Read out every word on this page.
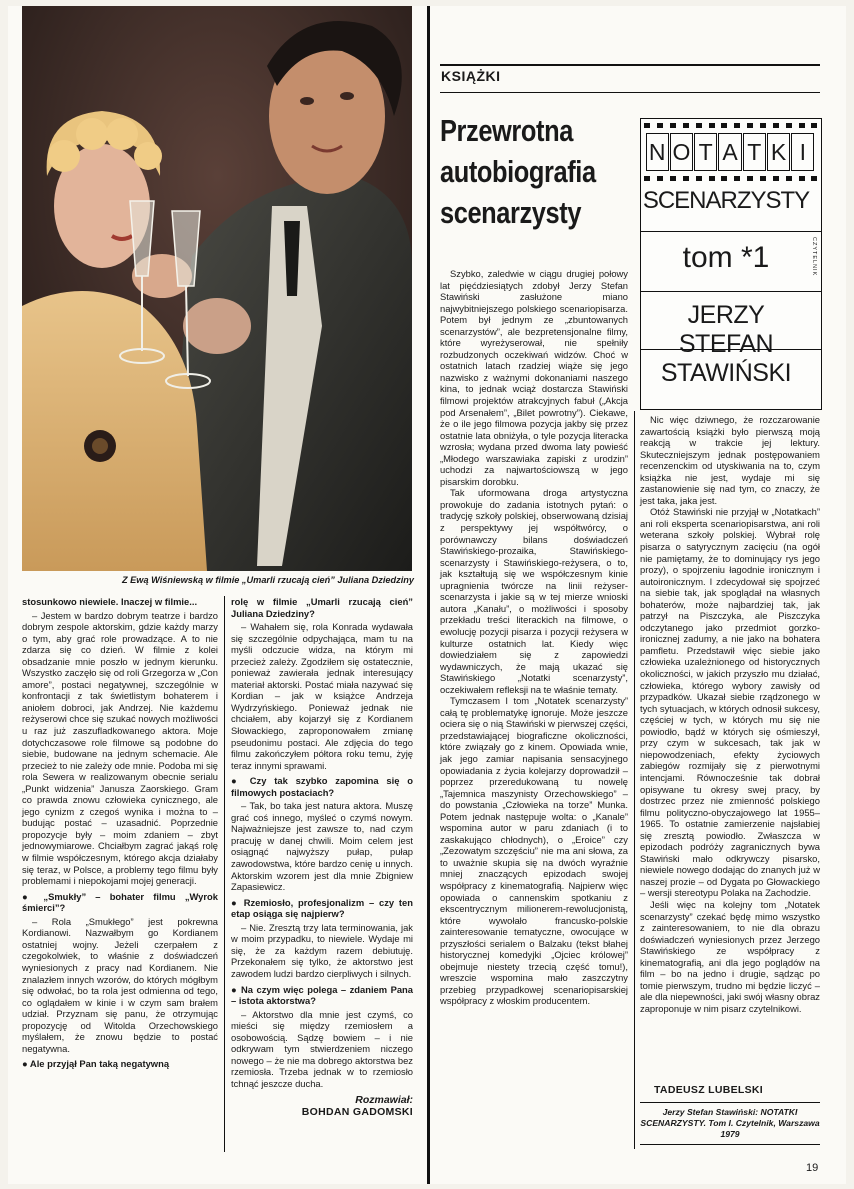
Z Ewą Wiśniewską w filmie „Umarli rzucają cień” Juliana Dziedziny

stosunkowo niewiele. Inaczej w filmie...

– Jestem w bardzo dobrym teatrze i bardzo dobrym zespole aktorskim, gdzie każdy marzy o tym, aby grać role prowadzące. A to nie zdarza się co dzień. W filmie z kolei obsadzanie mnie poszło w jednym kierunku. Wszystko zaczęło się od roli Grzegorza w „Con amore”, postaci negatywnej, szczególnie w konfrontacji z tak świetlistym bohaterem i aniołem dobroci, jak Andrzej. Nie każdemu reżyserowi chce się szukać nowych możliwości u raz już zaszufladkowanego aktora. Moje dotychczasowe role filmowe są podobne do siebie, budowane na jednym schemacie. Ale przecież to nie zależy ode mnie. Podoba mi się rola Sewera w realizowanym obecnie serialu „Punkt widzenia” Janusza Zaorskiego. Gram co prawda znowu człowieka cynicznego, ale jego cynizm z czegoś wynika i można to – budując postać – uzasadnić. Poprzednie propozycje były – moim zdaniem – zbyt jednowymiarowe. Chciałbym zagrać jakąś rolę w filmie współczesnym, którego akcja działaby się teraz, w Polsce, a problemy tego filmu były problemami i niepokojami mojej generacji.

● „Smukły” – bohater filmu „Wyrok śmierci”?

– Rola „Smukłego” jest pokrewna Kordianowi. Nazwałbym go Kordianem ostatniej wojny. Jeżeli czerpałem z czegokolwiek, to właśnie z doświadczeń wyniesionych z pracy nad Kordianem. Nie znalazłem innych wzorów, do których mógłbym się odwołać, bo ta rola jest odmienna od tego, co oglądałem w kinie i w czym sam brałem udział. Przyznam się panu, że otrzymując propozycję od Witolda Orzechowskiego myślałem, że znowu będzie to postać negatywna.

● Ale przyjął Pan taką negatywną

rolę w filmie „Umarli rzucają cień” Juliana Dziedziny?

– Wahałem się, rola Konrada wydawała się szczególnie odpychająca, mam tu na myśli odczucie widza, na którym mi przecież zależy. Zgodziłem się ostatecznie, ponieważ zawierała jednak interesujący materiał aktorski. Postać miała nazywać się Kordian – jak w książce Andrzeja Wydrzyńskiego. Ponieważ jednak nie chciałem, aby kojarzył się z Kordianem Słowackiego, zaproponowałem zmianę pseudonimu postaci. Ale zdjęcia do tego filmu zakończyłem półtora roku temu, żyję teraz innymi sprawami.

● Czy tak szybko zapomina się o filmowych postaciach?

– Tak, bo taka jest natura aktora. Muszę grać coś innego, myśleć o czymś nowym. Najważniejsze jest zawsze to, nad czym pracuję w danej chwili. Moim celem jest osiągnąć najwyższy pułap, pułap zawodowstwa, które bardzo cenię u innych. Aktorskim wzorem jest dla mnie Zbigniew Zapasiewicz.

● Rzemiosło, profesjonalizm – czy ten etap osiąga się najpierw?

– Nie. Zresztą trzy lata terminowania, jak w moim przypadku, to niewiele. Wydaje mi się, że za każdym razem debiutuję. Przekonałem się tylko, że aktorstwo jest zawodem ludzi bardzo cierpliwych i silnych.

● Na czym więc polega – zdaniem Pana – istota aktorstwa?

– Aktorstwo dla mnie jest czymś, co mieści się między rzemiosłem a osobowością. Sądzę bowiem – i nie odkrywam tym stwierdzeniem niczego nowego – że nie ma dobrego aktorstwa bez rzemiosła. Trzeba jednak w to rzemiosło tchnąć jeszcze ducha.

Rozmawiał:
BOHDAN GADOMSKI
KSIĄŻKI
Przewrotna autobiografia scenarzysty
N O T A T K I
SCENARZYSTY
tom *1	CZYTELNIK
JERZY STEFAN
STAWIŃSKI

Szybko, zaledwie w ciągu drugiej połowy lat pięćdziesiątych zdobył Jerzy Stefan Stawiński zasłużone miano najwybitniejszego polskiego scenariopisarza. Potem był jednym ze „zbuntowanych scenarzystów”, ale bezpretensjonalne filmy, które wyreżyserował, nie spełniły rozbudzonych oczekiwań widzów. Choć w ostatnich latach rzadziej wiąże się jego nazwisko z ważnymi dokonaniami naszego kina, to jednak wciąż dostarcza Stawiński filmowi projektów atrakcyjnych fabuł („Akcja pod Arsenałem”, „Bilet powrotny”). Ciekawe, że o ile jego filmowa pozycja jakby się przez ostatnie lata obniżyła, o tyle pozycja literacka wzrosła; wydana przed dwoma laty powieść „Młodego warszawiaka zapiski z urodzin” uchodzi za najwartościowszą w jego pisarskim dorobku.

Tak uformowana droga artystyczna prowokuje do zadania istotnych pytań: o tradycję szkoły polskiej, obserwowaną dzisiaj z perspektywy jej współtwórcy, o porównawczy bilans doświadczeń Stawińskiego-prozaika, Stawińskiego-scenarzysty i Stawińskiego-reżysera, o to, jak kształtują się we współczesnym kinie upragnienia twórcze na linii reżyser-scenarzysta i jakie są w tej mierze wnioski autora „Kanału”, o możliwości i sposoby przekładu treści literackich na filmowe, o ewolucję pozycji pisarza i pozycji reżysera w kulturze ostatnich lat. Kiedy więc dowiedziałem się z zapowiedzi wydawniczych, że mają ukazać się Stawińskiego „Notatki scenarzysty”, oczekiwałem refleksji na te właśnie tematy.

Tymczasem I tom „Notatek scenarzysty” całą tę problematykę ignoruje. Może jeszcze ociera się o nią Stawiński w pierwszej części, przedstawiającej biograficzne okoliczności, które związały go z kinem. Opowiada wnie, jak jego zamiar napisania sensacyjnego opowiadania z życia kolejarzy doprowadził – poprzez przeredukowaną tu nowelę „Tajemnica maszynisty Orzechowskiego” – do powstania „Człowieka na torze” Munka. Potem jednak następuje wolta: o „Kanale” wspomina autor w paru zdaniach (i to zaskakująco chłodnych), o „Eroice” czy „Zezowatym szczęściu” nie ma ani słowa, za to uważnie skupia się na dwóch wyraźnie mniej znaczących epizodach swojej współpracy z kinematografią. Najpierw więc opowiada o cannenskim spotkaniu z ekscentrycznym milionerem-rewolucjonistą, które wywołało francusko-polskie zainteresowanie tematyczne, owocujące w przyszłości serialem o Balzaku (tekst błahej historycznej komedyjki „Ojciec królowej” obejmuje niestety trzecią część tomu!), wreszcie wspomina mało zaszczytny przebieg przypadkowej scenariopisarskiej współpracy z włoskim producentem.

Nic więc dziwnego, że rozczarowanie zawartością książki było pierwszą moją reakcją w trakcie jej lektury. Skuteczniejszym jednak postępowaniem recenzenckim od utyskiwania na to, czym książka nie jest, wydaje mi się zastanowienie się nad tym, co znaczy, że jest taka, jaka jest.

Otóż Stawiński nie przyjął w „Notatkach” ani roli eksperta scenariopisarstwa, ani roli weterana szkoły polskiej. Wybrał rolę pisarza o satyrycznym zacięciu (na ogół nie pamiętamy, że to dominujący rys jego prozy), o spojrzeniu łagodnie ironicznym i autoironicznym. I zdecydował się spojrzeć na siebie tak, jak spoglądał na własnych bohaterów, może najbardziej tak, jak patrzył na Piszczyka, ale Piszczyka odczytanego jako przedmiot gorzko-ironicznej zadumy, a nie jako na bohatera pamfletu. Przedstawił więc siebie jako człowieka uzależnionego od historycznych okoliczności, w jakich przyszło mu działać, człowieka, którego wybory zawisły od przypadków. Ukazał siebie rządzonego w tych sytuacjach, w których odnosił sukcesy, częściej w tych, w których mu się nie powiodło, bądź w których się ośmieszył, przy czym w sukcesach, tak jak w niepowodzeniach, efekty życiowych zabiegów rozmijały się z pierwotnymi intencjami. Równocześnie tak dobrał opisywane tu okresy swej pracy, by dostrzec przez nie zmienność polskiego filmu polityczno-obyczajowego lat 1955–1965. To ostatnie zamierzenie najsłabiej się zresztą powiodło. Zwłaszcza w epizodach podróży zagranicznych bywa Stawiński mało odkrywczy pisarsko, niewiele nowego dodając do znanych już w naszej prozie – od Dygata po Głowackiego – wersji stereotypu Polaka na Zachodzie.

Jeśli więc na kolejny tom „Notatek scenarzysty” czekać będę mimo wszystko z zainteresowaniem, to nie dla obrazu doświadczeń wyniesionych przez Jerzego Stawińskiego ze współpracy z kinematografią, ani dla jego poglądów na film – bo na jedno i drugie, sądząc po tomie pierwszym, trudno mi będzie liczyć – ale dla niepewności, jaki swój własny obraz zaproponuje w nim pisarz czytelnikowi.

TADEUSZ LUBELSKI
Jerzy Stefan Stawiński: NOTATKI SCENARZYSTY. Tom I. Czytelnik, Warszawa 1979
19
